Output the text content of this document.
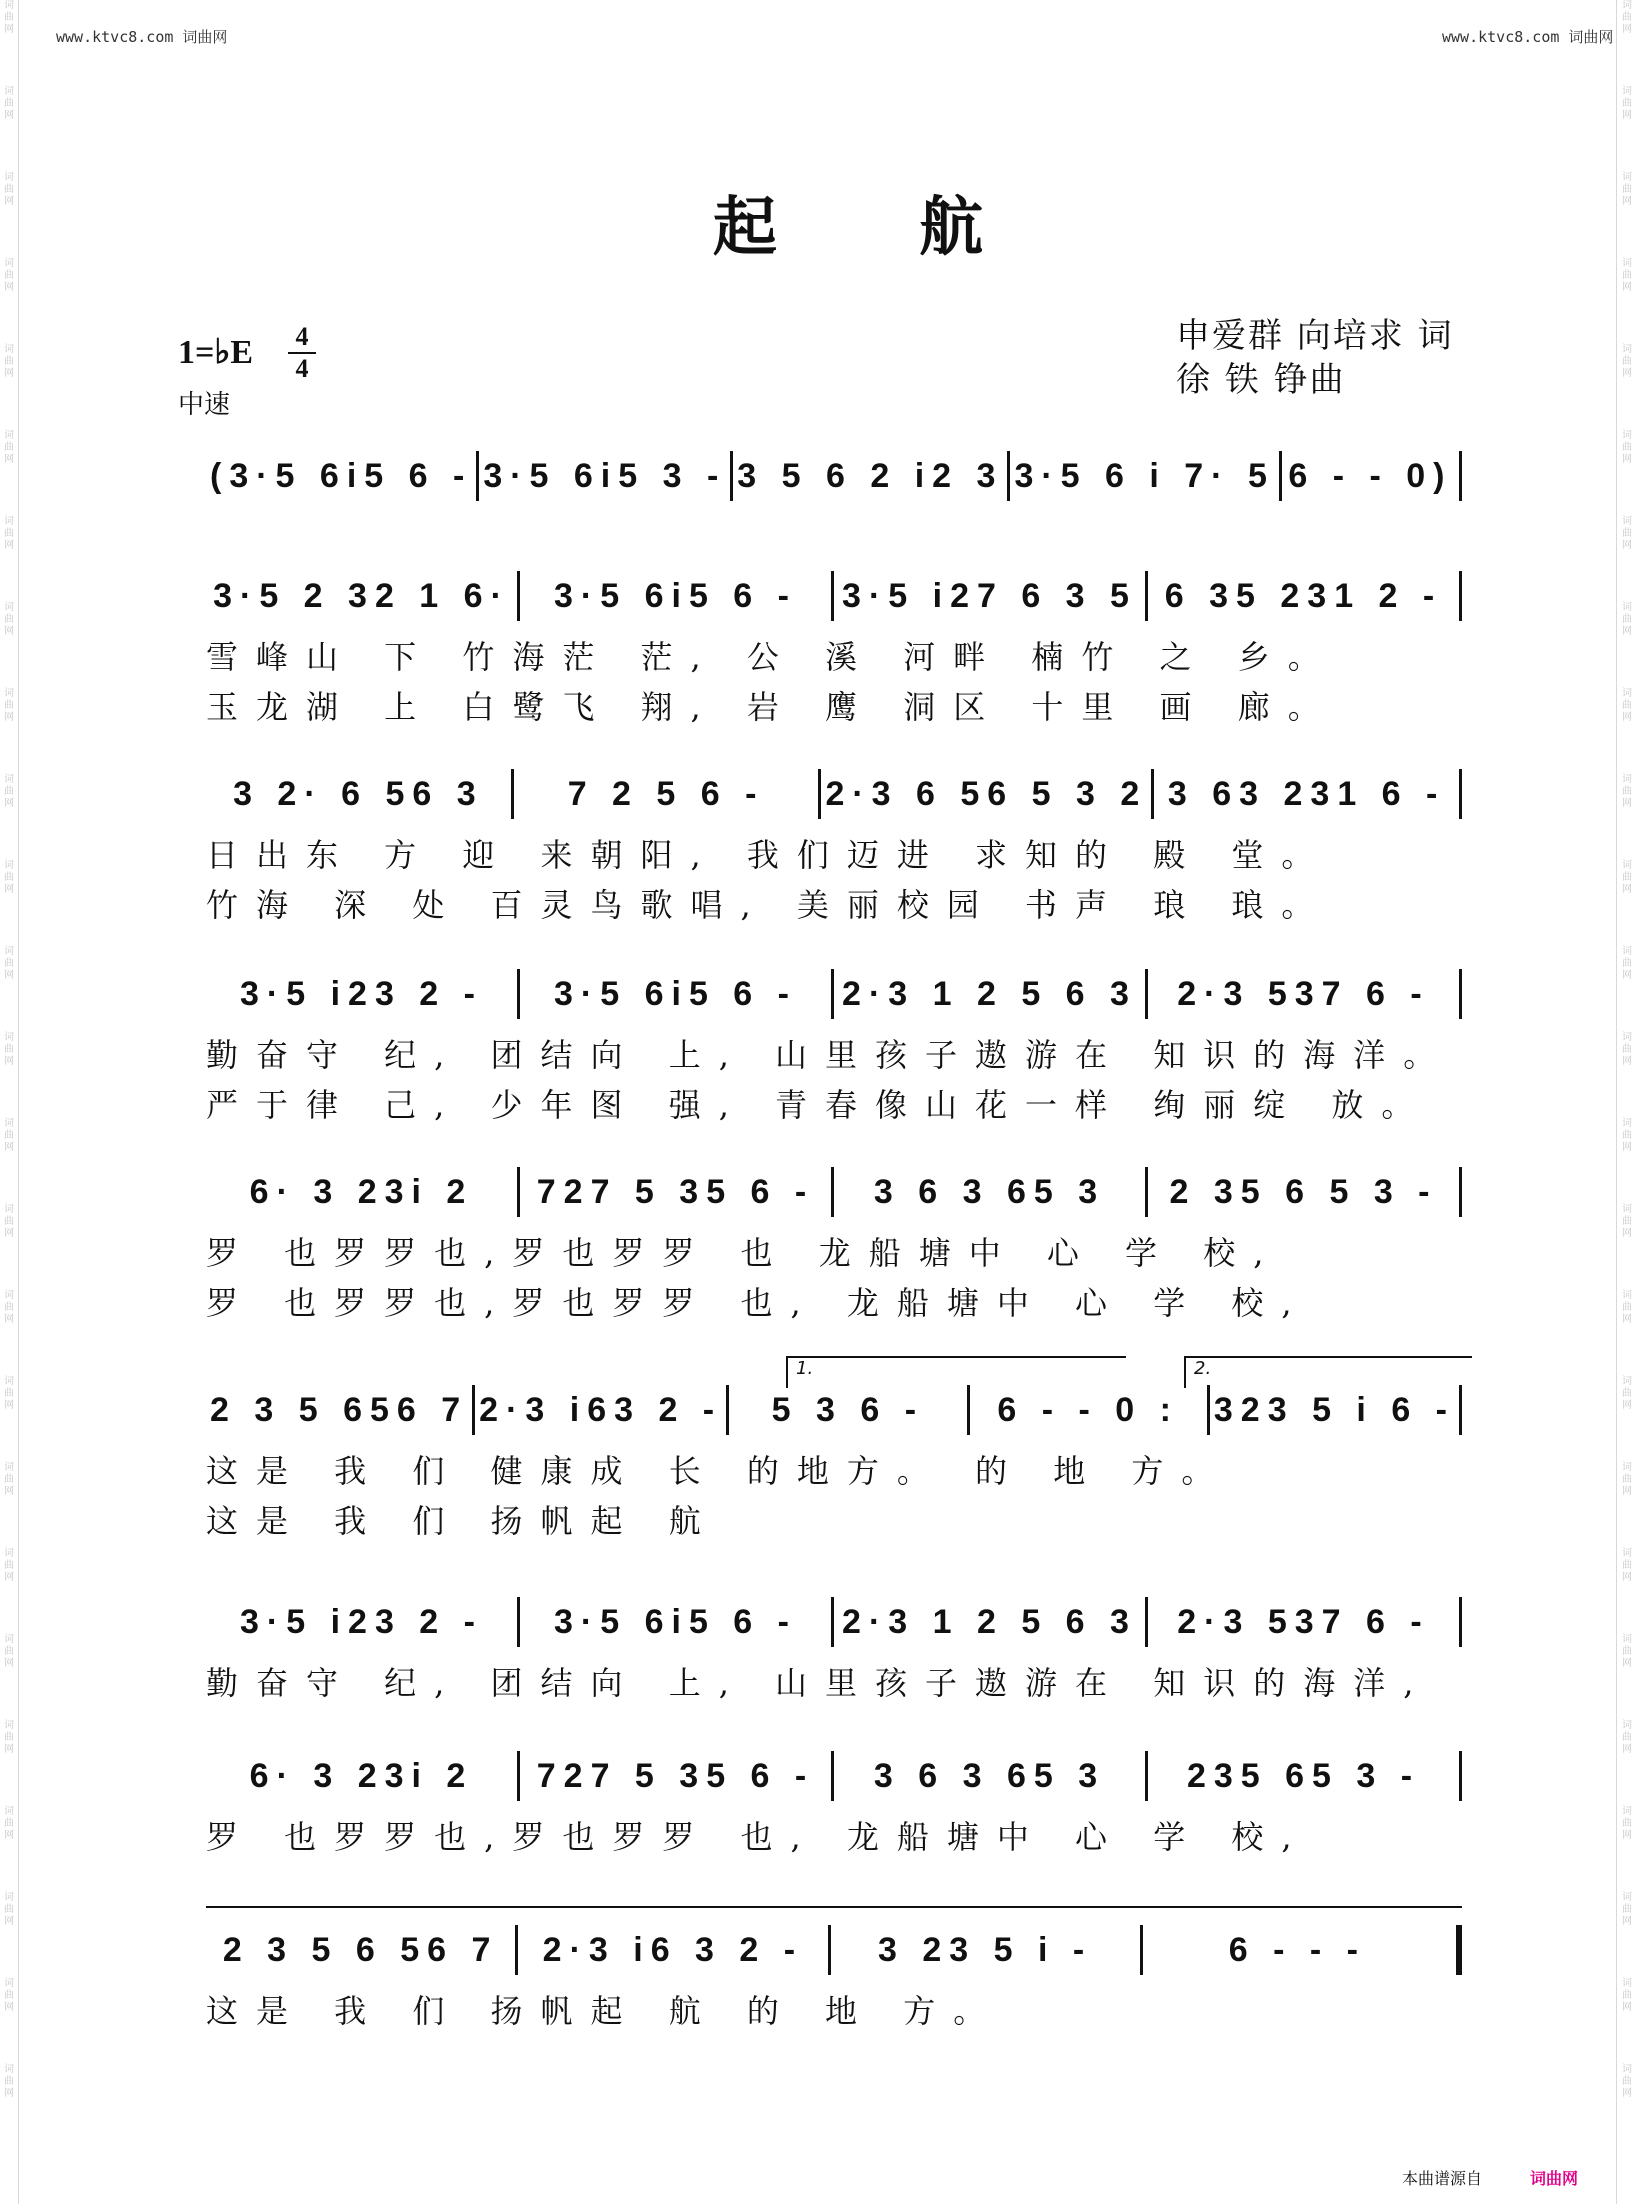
词
曲
网
词
曲
网
词
曲
网
词
曲
网
词
曲
网
词
曲
网
词
曲
网
词
曲
网
词
曲
网
词
曲
网
词
曲
网
词
曲
网
词
曲
网
词
曲
网
词
曲
网
词
曲
网
词
曲
网
词
曲
网
词
曲
网
词
曲
网
词
曲
网
词
曲
网
词
曲
网
词
曲
网
词
曲
网
词
曲
网
词
曲
网
词
曲
网
词
曲
网
词
曲
网
词
曲
网
词
曲
网
词
曲
网
词
曲
网
词
曲
网
词
曲
网
词
曲
网
词
曲
网
词
曲
网
词
曲
网
词
曲
网
词
曲
网
词
曲
网
词
曲
网
词
曲
网
词
曲
网
词
曲
网
词
曲
网
词
曲
网
词
曲
网
www.ktvc8.com 词曲网	www.ktvc8.com 词曲网
起 航
1=♭E 4
4
中速
申爱群 向培求 词
徐 铁 铮曲
(3·5 6i5 6 - 3·5 6i5 3 - 3 5 6 2 i2 3 3·5 6 i 7· 5 6 - - 0)
3·5 2 32 1 6·	3·5 6i5 6 -	3·5 i27 6 3 5 6 35 231 2 -
雪峰山 下 竹海茫 茫, 公 溪 河畔 楠竹 之 乡。
玉龙湖 上 白鹭飞 翔, 岩 鹰 洞区 十里 画 廊。
3 2· 6 56 3	7 2 5 6 -	2·3 6 56 5 3 2 3 63 231 6 -
日出东 方 迎 来朝阳, 我们迈进 求知的 殿 堂。
竹海 深 处 百灵鸟歌唱, 美丽校园 书声 琅 琅。
3·5 i23 2 -	3·5 6i5 6 -	2·3 1 2 5 6 3	2·3 537 6 -
勤奋守 纪, 团结向 上, 山里孩子遨游在 知识的海洋。
严于律 己, 少年图 强, 青春像山花一样 绚丽绽 放。
6· 3 23i 2	727 5 35 6 -	3 6 3 65 3	2 35 6 5 3 -
罗 也罗罗也,罗也罗罗 也 龙船塘中 心 学 校,
罗 也罗罗也,罗也罗罗 也, 龙船塘中 心 学 校,
2 3 5 656 7 2·3 i63 2 -	5 3 6 -	6 - - 0 :	323 5 i 6 -
1.	2.
这是 我 们 健康成 长 的地方。 的 地 方。
这是 我 们 扬帆起 航
3·5 i23 2 -	3·5 6i5 6 -	2·3 1 2 5 6 3	2·3 537 6 -
勤奋守 纪, 团结向 上, 山里孩子遨游在 知识的海洋,
6· 3 23i 2	727 5 35 6 -	3 6 3 65 3	235 65 3 -
罗 也罗罗也,罗也罗罗 也, 龙船塘中 心 学 校,
2 3 5 6 56 7	2·3 i6 3 2 -	3 23 5 i -	6 - - -
这是 我 们 扬帆起 航 的 地 方。
本曲谱源自	词曲网
